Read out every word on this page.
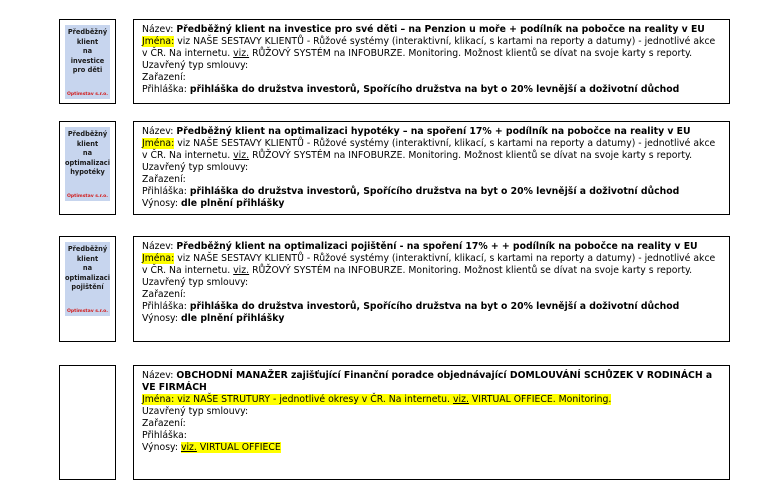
Předběžný
klient
na
investice
pro děti
Optimstav s.r.o.
Název: Předběžný klient na investice pro své děti – na Penzion u moře + podílník na pobočce na reality v EU
Jména: viz NAŠE SESTAVY KLIENTŮ - Růžové systémy (interaktivní, klikací, s kartami na reporty a datumy) - jednotlivé akce v ČR. Na internetu. viz. RŮŽOVÝ SYSTÉM na INFOBURZE. Monitoring. Možnost klientů se dívat na svoje karty s reporty.
Uzavřený typ smlouvy:
Zařazení:
Přihláška: přihláška do družstva investorů, Spořícího družstva na byt o 20% levnější a doživotní důchod
Předběžný
klient
na
optimalizaci
hypotéky
Optimstav s.r.o.
Název: Předběžný klient na optimalizaci hypotéky – na spoření 17% + podílník na pobočce na reality v EU
Jména: viz NAŠE SESTAVY KLIENTŮ - Růžové systémy (interaktivní, klikací, s kartami na reporty a datumy) - jednotlivé akce v ČR. Na internetu. viz. RŮŽOVÝ SYSTÉM na INFOBURZE. Monitoring. Možnost klientů se dívat na svoje karty s reporty.
Uzavřený typ smlouvy:
Zařazení:
Přihláška: přihláška do družstva investorů, Spořícího družstva na byt o 20% levnější a doživotní důchod
Výnosy: dle plnění přihlášky
Předběžný
klient
na
optimalizaci
pojištění
Optimstav s.r.o.
Název: Předběžný klient na optimalizaci pojištění - na spoření 17% + + podílník na pobočce na reality v EU
Jména: viz NAŠE SESTAVY KLIENTŮ - Růžové systémy (interaktivní, klikací, s kartami na reporty a datumy) - jednotlivé akce v ČR. Na internetu. viz. RŮŽOVÝ SYSTÉM na INFOBURZE. Monitoring. Možnost klientů se dívat na svoje karty s reporty.
Uzavřený typ smlouvy:
Zařazení:
Přihláška: přihláška do družstva investorů, Spořícího družstva na byt o 20% levnější a doživotní důchod
Výnosy: dle plnění přihlášky
Název: OBCHODNÍ MANAŽER zajišťující Finanční poradce objednávající DOMLOUVÁNÍ SCHŮZEK V RODINÁCH a VE FIRMÁCH
Jména: viz NAŠE STRUTURY - jednotlivé okresy v ČR. Na internetu. viz. VIRTUAL OFFIECE. Monitoring.
Uzavřený typ smlouvy:
Zařazení:
Přihláška:
Výnosy: viz. VIRTUAL OFFIECE
